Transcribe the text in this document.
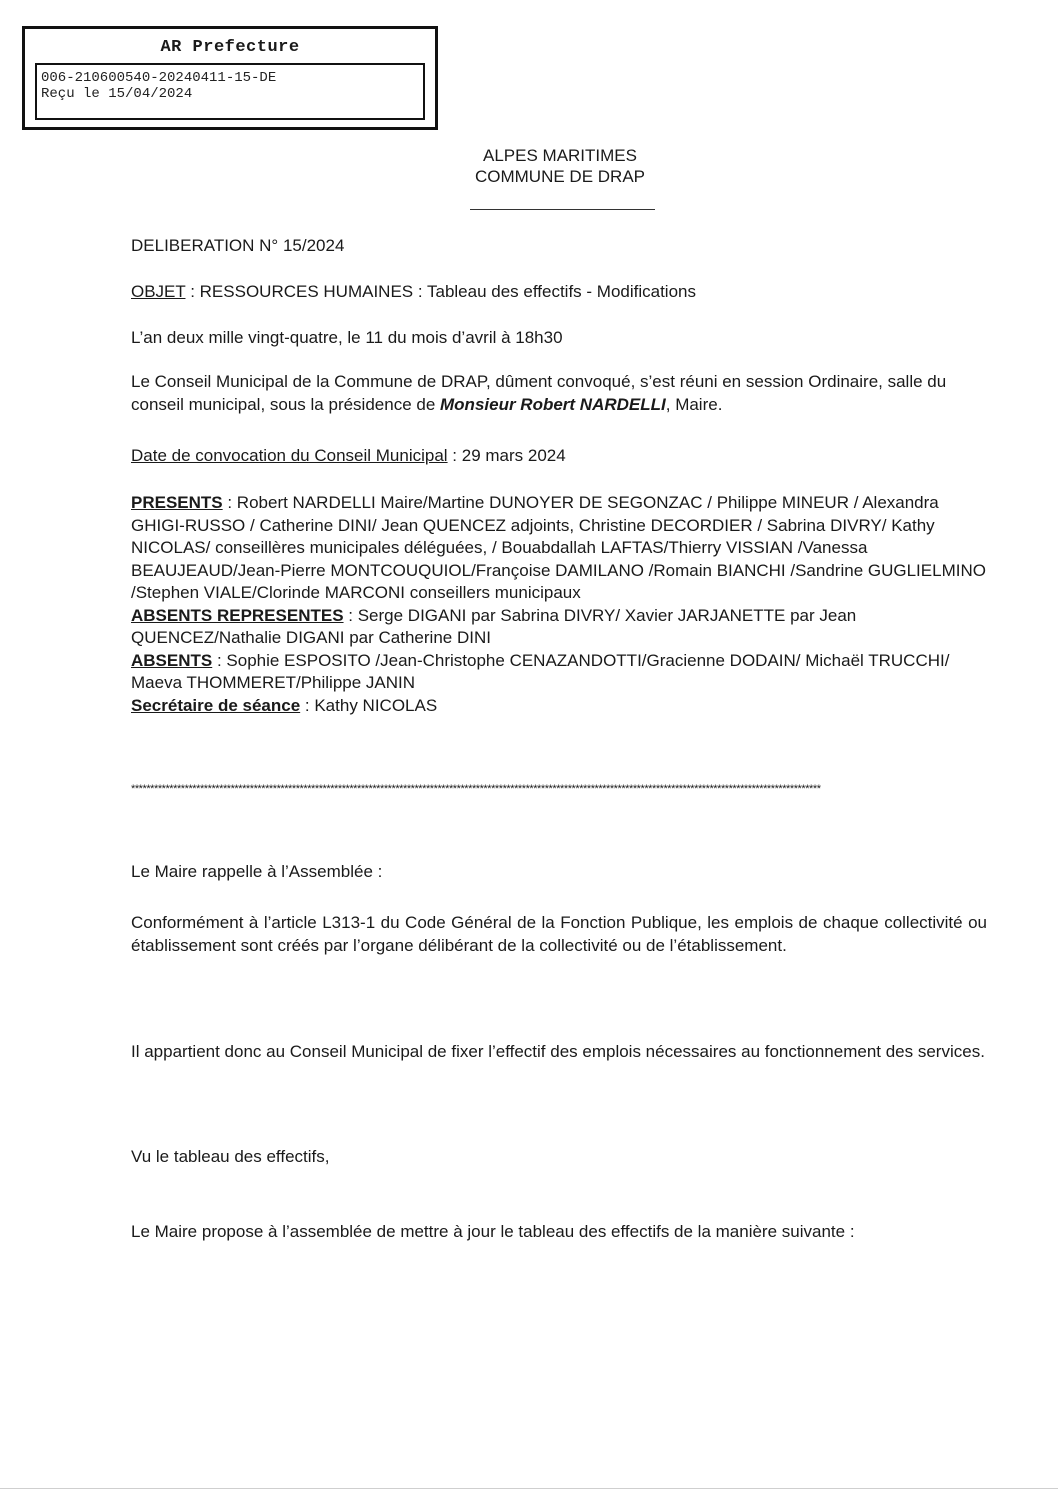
AR Prefecture
006-210600540-20240411-15-DE
Reçu le 15/04/2024
ALPES MARITIMES
COMMUNE DE DRAP
DELIBERATION N° 15/2024
OBJET : RESSOURCES HUMAINES : Tableau des effectifs - Modifications
L’an deux mille vingt-quatre, le 11 du mois d’avril à 18h30
Le Conseil Municipal de la Commune de DRAP, dûment convoqué, s’est réuni en session Ordinaire, salle du conseil municipal, sous la présidence de Monsieur Robert NARDELLI, Maire.
Date de convocation du Conseil Municipal : 29 mars 2024
PRESENTS : Robert NARDELLI Maire/Martine DUNOYER DE SEGONZAC / Philippe MINEUR / Alexandra GHIGI-RUSSO / Catherine DINI/ Jean QUENCEZ adjoints, Christine DECORDIER / Sabrina DIVRY/ Kathy NICOLAS/ conseillères municipales déléguées, / Bouabdallah LAFTAS/Thierry VISSIAN /Vanessa BEAUJEAUD/Jean-Pierre MONTCOUQUIOL/Françoise DAMILANO /Romain BIANCHI /Sandrine GUGLIELMINO /Stephen VIALE/Clorinde MARCONI conseillers municipaux
ABSENTS REPRESENTES : Serge DIGANI par Sabrina DIVRY/ Xavier JARJANETTE par Jean QUENCEZ/Nathalie DIGANI par Catherine DINI
ABSENTS : Sophie ESPOSITO /Jean-Christophe CENAZANDOTTI/Gracienne DODAIN/ Michaël TRUCCHI/ Maeva THOMMERET/Philippe JANIN
Secrétaire de séance : Kathy NICOLAS
************************************************************************************************************************************************************************************
Le Maire rappelle à l’Assemblée :
Conformément à l’article L313-1 du Code Général de la Fonction Publique, les emplois de chaque collectivité ou établissement sont créés par l’organe délibérant de la collectivité ou de l’établissement.
Il appartient donc au Conseil Municipal de fixer l’effectif des emplois nécessaires au fonctionnement des services.
Vu le tableau des effectifs,
Le Maire propose à l’assemblée de mettre à jour le tableau des effectifs de la manière suivante :
